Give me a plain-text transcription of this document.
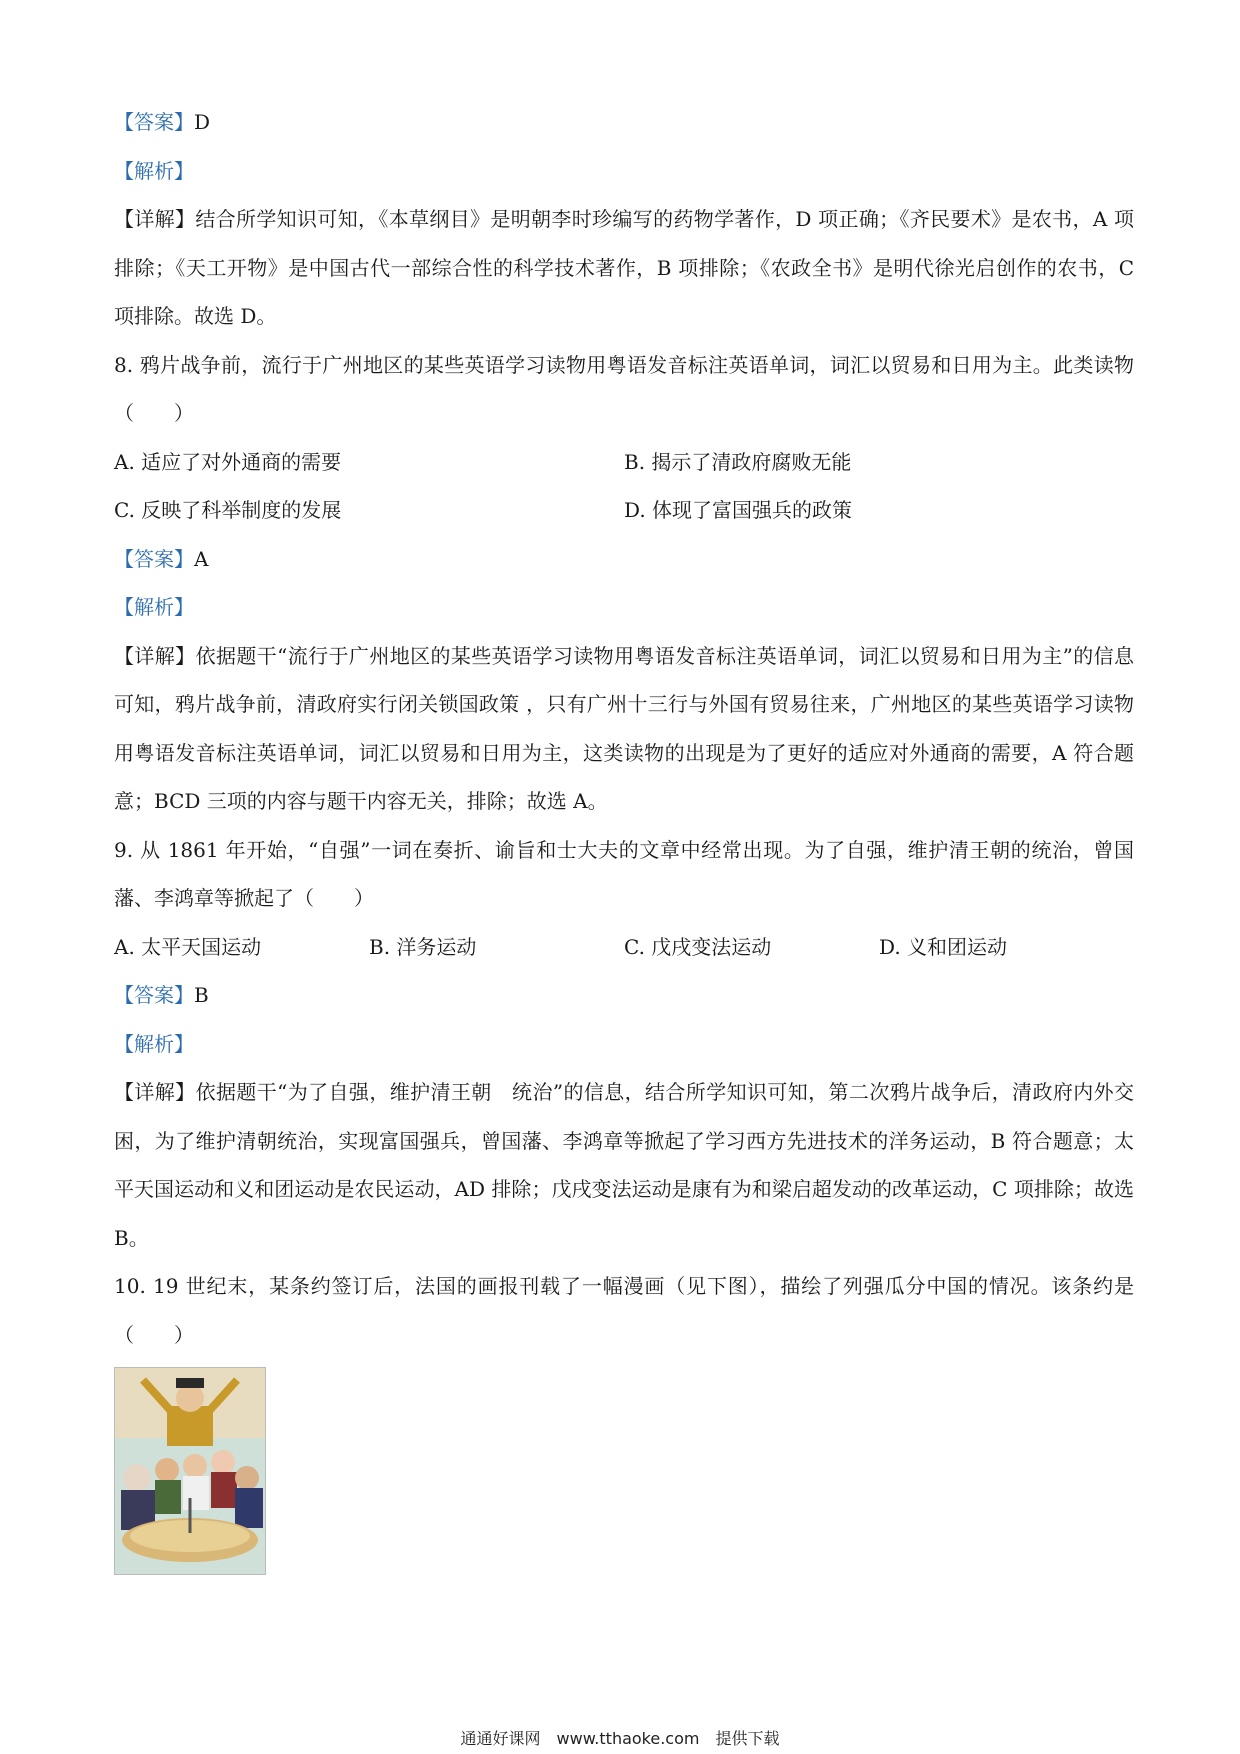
【答案】D
【解析】
【详解】结合所学知识可知，《本草纲目》是明朝李时珍编写的药物学著作，D 项正确；《齐民要术》是农书，A 项排除；《天工开物》是中国古代一部综合性的科学技术著作，B 项排除；《农政全书》是明代徐光启创作的农书，C 项排除。故选 D。
8. 鸦片战争前，流行于广州地区的某些英语学习读物用粤语发音标注英语单词，词汇以贸易和日用为主。此类读物（　　）
A. 适应了对外通商的需要	B. 揭示了清政府腐败无能
C. 反映了科举制度的发展	D. 体现了富国强兵的政策
【答案】A
【解析】
【详解】依据题干“流行于广州地区的某些英语学习读物用粤语发音标注英语单词，词汇以贸易和日用为主”的信息可知，鸦片战争前，清政府实行闭关锁国政策 ，只有广州十三行与外国有贸易往来，广州地区的某些英语学习读物用粤语发音标注英语单词，词汇以贸易和日用为主，这类读物的出现是为了更好的适应对外通商的需要，A 符合题意；BCD 三项的内容与题干内容无关，排除；故选 A。
9. 从 1861 年开始，“自强”一词在奏折、谕旨和士大夫的文章中经常出现。为了自强，维护清王朝的统治，曾国藩、李鸿章等掀起了（　　）
A. 太平天国运动	B. 洋务运动	C. 戊戌变法运动	D. 义和团运动
【答案】B
【解析】
【详解】依据题干“为了自强，维护清王朝　统治”的信息，结合所学知识可知，第二次鸦片战争后，清政府内外交困，为了维护清朝统治，实现富国强兵，曾国藩、李鸿章等掀起了学习西方先进技术的洋务运动，B 符合题意；太平天国运动和义和团运动是农民运动，AD 排除；戊戌变法运动是康有为和梁启超发动的改革运动，C 项排除；故选 B。
10. 19 世纪末，某条约签订后，法国的画报刊载了一幅漫画（见下图），描绘了列强瓜分中国的情况。该条约是（　　）
通通好课网　www.tthaoke.com　提供下载
